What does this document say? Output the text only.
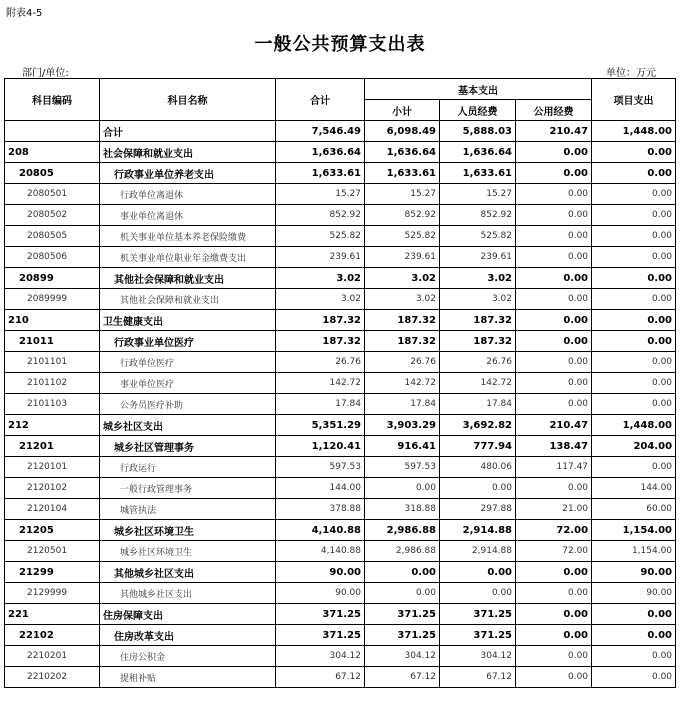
附表4-5
一般公共预算支出表
部门/单位:	单位：万元
科目编码	科目名称	合计	基本支出			项目支出
			小计	人员经费	公用经费	
	合计	7,546.49	6,098.49	5,888.03	210.47	1,448.00
208	社会保障和就业支出	1,636.64	1,636.64	1,636.64	0.00	0.00
20805	行政事业单位养老支出	1,633.61	1,633.61	1,633.61	0.00	0.00
2080501	行政单位离退休	15.27	15.27	15.27	0.00	0.00
2080502	事业单位离退休	852.92	852.92	852.92	0.00	0.00
2080505	机关事业单位基本养老保险缴费	525.82	525.82	525.82	0.00	0.00
2080506	机关事业单位职业年金缴费支出	239.61	239.61	239.61	0.00	0.00
20899	其他社会保障和就业支出	3.02	3.02	3.02	0.00	0.00
2089999	其他社会保障和就业支出	3.02	3.02	3.02	0.00	0.00
210	卫生健康支出	187.32	187.32	187.32	0.00	0.00
21011	行政事业单位医疗	187.32	187.32	187.32	0.00	0.00
2101101	行政单位医疗	26.76	26.76	26.76	0.00	0.00
2101102	事业单位医疗	142.72	142.72	142.72	0.00	0.00
2101103	公务员医疗补助	17.84	17.84	17.84	0.00	0.00
212	城乡社区支出	5,351.29	3,903.29	3,692.82	210.47	1,448.00
21201	城乡社区管理事务	1,120.41	916.41	777.94	138.47	204.00
2120101	行政运行	597.53	597.53	480.06	117.47	0.00
2120102	一般行政管理事务	144.00	0.00	0.00	0.00	144.00
2120104	城管执法	378.88	318.88	297.88	21.00	60.00
21205	城乡社区环境卫生	4,140.88	2,986.88	2,914.88	72.00	1,154.00
2120501	城乡社区环境卫生	4,140.88	2,986.88	2,914.88	72.00	1,154.00
21299	其他城乡社区支出	90.00	0.00	0.00	0.00	90.00
2129999	其他城乡社区支出	90.00	0.00	0.00	0.00	90.00
221	住房保障支出	371.25	371.25	371.25	0.00	0.00
22102	住房改革支出	371.25	371.25	371.25	0.00	0.00
2210201	住房公积金	304.12	304.12	304.12	0.00	0.00
2210202	提租补贴	67.12	67.12	67.12	0.00	0.00
